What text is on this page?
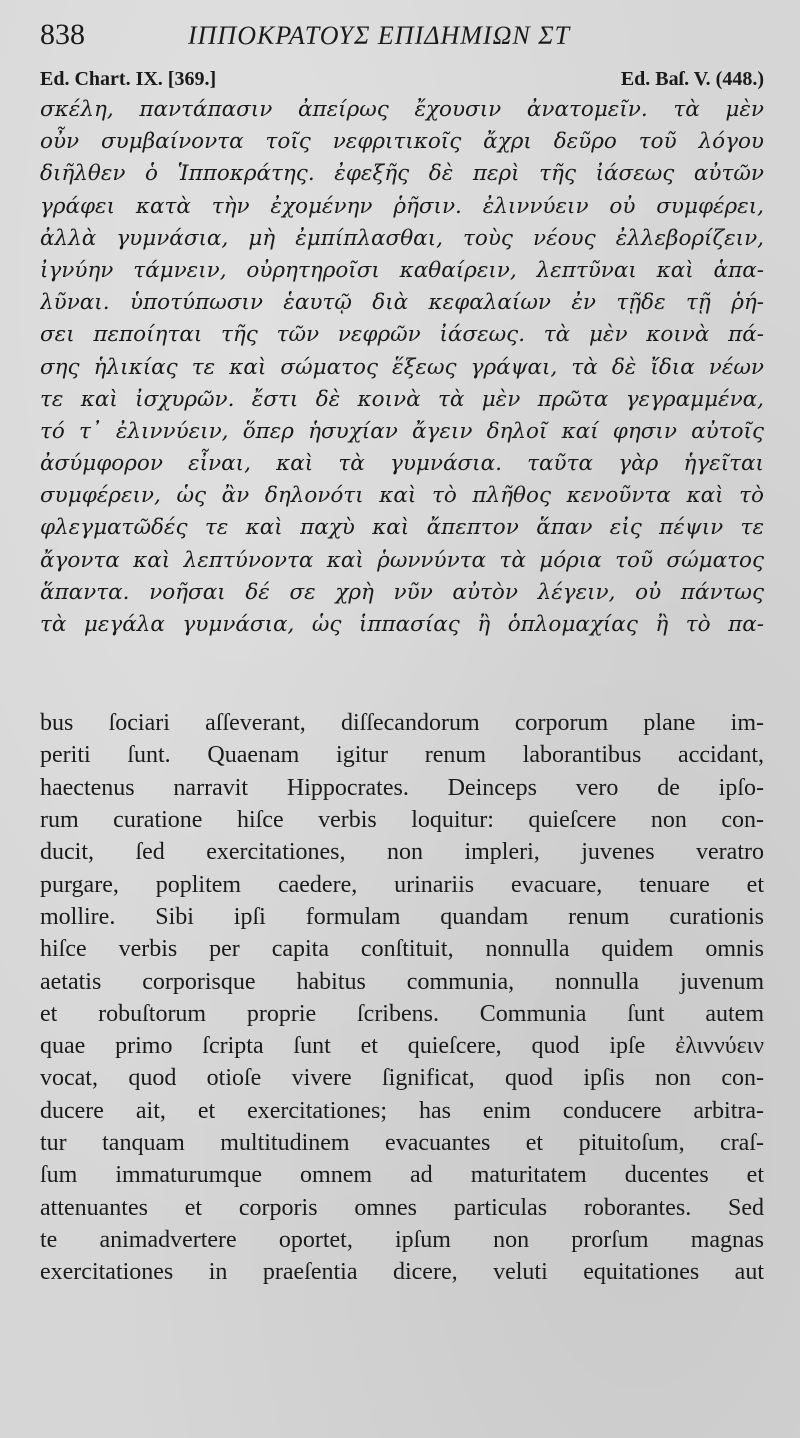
838	ΙΠΠΟΚΡΑΤΟΥΣ ΕΠΙΔΗΜΙΩΝ ΣΤ
Ed. Chart. IX. [369.]	Ed. Baſ. V. (448.)
σκέλη, παντάπασιν ἀπείρως ἔχουσιν ἀνατομεῖν. τὰ μὲν
οὖν συμβαίνοντα τοῖς νεφριτικοῖς ἄχρι δεῦρο τοῦ λόγου
διῆλθεν ὁ Ἱπποκράτης. ἐφεξῆς δὲ περὶ τῆς ἰάσεως αὐτῶν
γράφει κατὰ τὴν ἐχομένην ῥῆσιν. ἐλιννύειν οὐ συμφέρει,
ἀλλὰ γυμνάσια, μὴ ἐμπίπλασθαι, τοὺς νέους ἐλλεβορίζειν,
ἰγνύην τάμνειν, οὐρητηροῖσι καθαίρειν, λεπτῦναι καὶ ἁπα-
λῦναι. ὑποτύπωσιν ἑαυτῷ διὰ κεφαλαίων ἐν τῇδε τῇ ῥή-
σει πεποίηται τῆς τῶν νεφρῶν ἰάσεως. τὰ μὲν κοινὰ πά-
σης ἡλικίας τε καὶ σώματος ἕξεως γράψαι, τὰ δὲ ἴδια νέων
τε καὶ ἰσχυρῶν. ἔστι δὲ κοινὰ τὰ μὲν πρῶτα γεγραμμένα,
τό τ᾽ ἐλιννύειν, ὅπερ ἡσυχίαν ἄγειν δηλοῖ καί φησιν αὐτοῖς
ἀσύμφορον εἶναι, καὶ τὰ γυμνάσια. ταῦτα γὰρ ἡγεῖται
συμφέρειν, ὡς ἂν δηλονότι καὶ τὸ πλῆθος κενοῦντα καὶ τὸ
φλεγματῶδές τε καὶ παχὺ καὶ ἄπεπτον ἅπαν εἰς πέψιν τε
ἄγοντα καὶ λεπτύνοντα καὶ ῥωννύντα τὰ μόρια τοῦ σώματος
ἅπαντα. νοῆσαι δέ σε χρὴ νῦν αὐτὸν λέγειν, οὐ πάντως
τὰ μεγάλα γυμνάσια, ὡς ἱππασίας ἢ ὁπλομαχίας ἢ τὸ πα-
bus ſociari aſſeverant, diſſecandorum corporum plane im-
periti ſunt. Quaenam igitur renum laborantibus accidant,
haectenus narravit Hippocrates. Deinceps vero de ipſo-
rum curatione hiſce verbis loquitur: quieſcere non con-
ducit, ſed exercitationes, non impleri, juvenes veratro
purgare, poplitem caedere, urinariis evacuare, tenuare et
mollire. Sibi ipſi formulam quandam renum curationis
hiſce verbis per capita conſtituit, nonnulla quidem omnis
aetatis corporisque habitus communia, nonnulla juvenum
et robuſtorum proprie ſcribens. Communia ſunt autem
quae primo ſcripta ſunt et quieſcere, quod ipſe ἐλιννύειν
vocat, quod otioſe vivere ſignificat, quod ipſis non con-
ducere ait, et exercitationes; has enim conducere arbitra-
tur tanquam multitudinem evacuantes et pituitoſum, craſ-
ſum immaturumque omnem ad maturitatem ducentes et
attenuantes et corporis omnes particulas roborantes. Sed
te animadvertere oportet, ipſum non prorſum magnas
exercitationes in praeſentia dicere, veluti equitationes aut
